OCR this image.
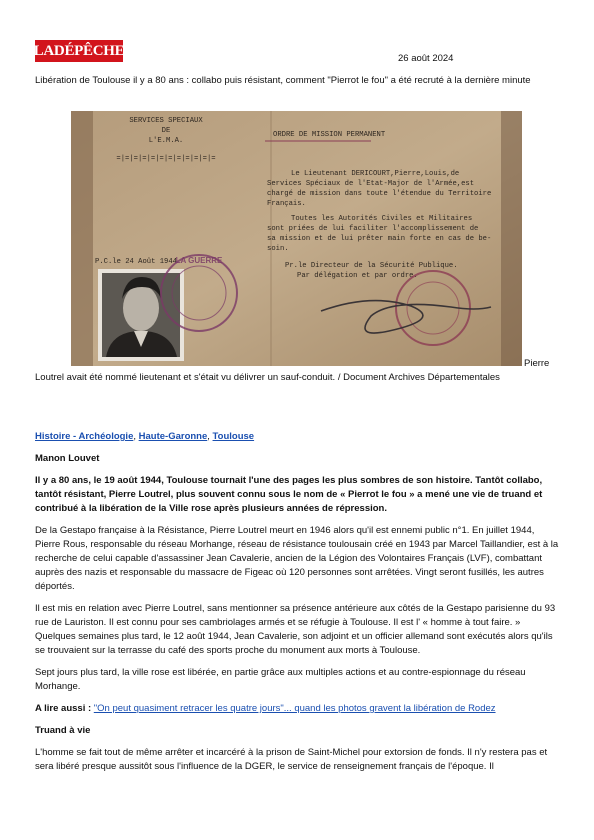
LADÉPÊCHE	26 août 2024
Libération de Toulouse il y a 80 ans : collabo puis résistant, comment "Pierrot le fou" a été recruté à la dernière minute
SERVICES SPECIAUX
DE
L'E.M.A.
=|=|=|=|=|=|=|=|=|=|=|=
ORDRE DE MISSION PERMANENT
Le Lieutenant DERICOURT,Pierre,Louis,de
Services Spéciaux de l'Etat-Major de l'Armée,est
chargé de mission dans toute l'étendue du Territoire
Français.
Toutes les Autorités Civiles et Militaires
sont priées de lui faciliter l'accomplissement de
sa mission et de lui prêter main forte en cas de be-
soin.
P.C.le 24 Août 1944	Pr.le Directeur de la Sécurité Publique.
Par délégation et par ordre.
LA GUERRE
Pierre
Loutrel avait été nommé lieutenant et s'était vu délivrer un sauf-conduit. / Document Archives Départementales

Histoire - Archéologie, Haute-Garonne, Toulouse

Manon Louvet

Il y a 80 ans, le 19 août 1944, Toulouse tournait l'une des pages les plus sombres de son histoire. Tantôt collabo, tantôt résistant, Pierre Loutrel, plus souvent connu sous le nom de « Pierrot le fou » a mené une vie de truand et contribué à la libération de la Ville rose après plusieurs années de répression.

De la Gestapo française à la Résistance, Pierre Loutrel meurt en 1946 alors qu'il est ennemi public n°1. En juillet 1944, Pierre Rous, responsable du réseau Morhange, réseau de résistance toulousain créé en 1943 par Marcel Taillandier, est à la recherche de celui capable d'assassiner Jean Cavalerie, ancien de la Légion des Volontaires Français (LVF), combattant auprès des nazis et responsable du massacre de Figeac où 120 personnes sont arrêtées. Vingt seront fusillés, les autres déportés.

Il est mis en relation avec Pierre Loutrel, sans mentionner sa présence antérieure aux côtés de la Gestapo parisienne du 93 rue de Lauriston. Il est connu pour ses cambriolages armés et se réfugie à Toulouse. Il est l' « homme à tout faire. » Quelques semaines plus tard, le 12 août 1944, Jean Cavalerie, son adjoint et un officier allemand sont exécutés alors qu'ils se trouvaient sur la terrasse du café des sports proche du monument aux morts à Toulouse.

Sept jours plus tard, la ville rose est libérée, en partie grâce aux multiples actions et au contre-espionnage du réseau Morhange.

A lire aussi : "On peut quasiment retracer les quatre jours"... quand les photos gravent la libération de Rodez

Truand à vie

L'homme se fait tout de même arrêter et incarcéré à la prison de Saint-Michel pour extorsion de fonds. Il n'y restera pas et sera libéré presque aussitôt sous l'influence de la DGER, le service de renseignement français de l'époque. Il
